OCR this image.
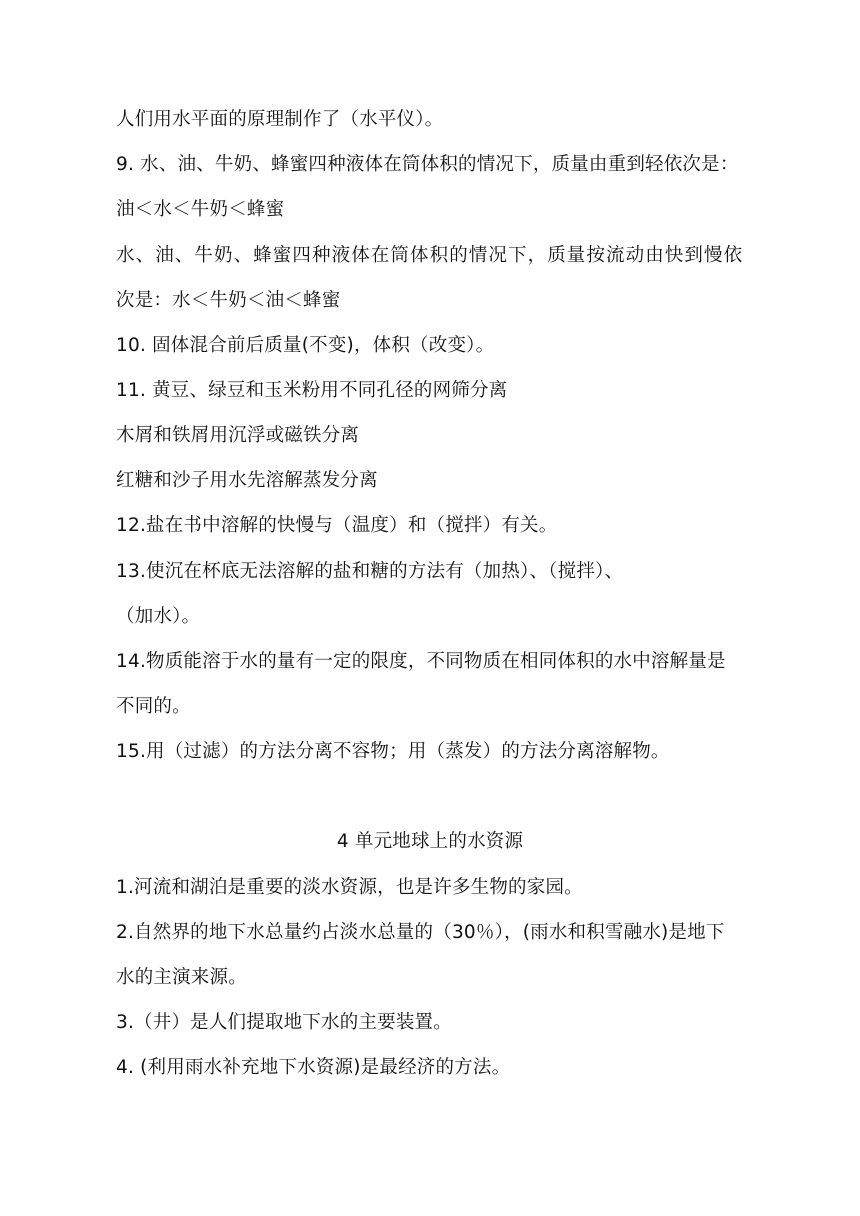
人们用水平面的原理制作了（水平仪）。
9. 水、油、牛奶、蜂蜜四种液体在筒体积的情况下，质量由重到轻依次是：
油＜水＜牛奶＜蜂蜜
水、油、牛奶、蜂蜜四种液体在筒体积的情况下，质量按流动由快到慢依
次是：水＜牛奶＜油＜蜂蜜
10. 固体混合前后质量(不变)，体积（改变）。
11. 黄豆、绿豆和玉米粉用不同孔径的网筛分离
木屑和铁屑用沉浮或磁铁分离
红糖和沙子用水先溶解蒸发分离
12.盐在书中溶解的快慢与（温度）和（搅拌）有关。
13.使沉在杯底无法溶解的盐和糖的方法有（加热）、（搅拌）、
（加水）。
14.物质能溶于水的量有一定的限度，不同物质在相同体积的水中溶解量是
不同的。
15.用（过滤）的方法分离不容物；用（蒸发）的方法分离溶解物。
4 单元地球上的水资源
1.河流和湖泊是重要的淡水资源，也是许多生物的家园。
2.自然界的地下水总量约占淡水总量的（30％），(雨水和积雪融水)是地下
水的主演来源。
3.（井）是人们提取地下水的主要装置。
4. (利用雨水补充地下水资源)是最经济的方法。
